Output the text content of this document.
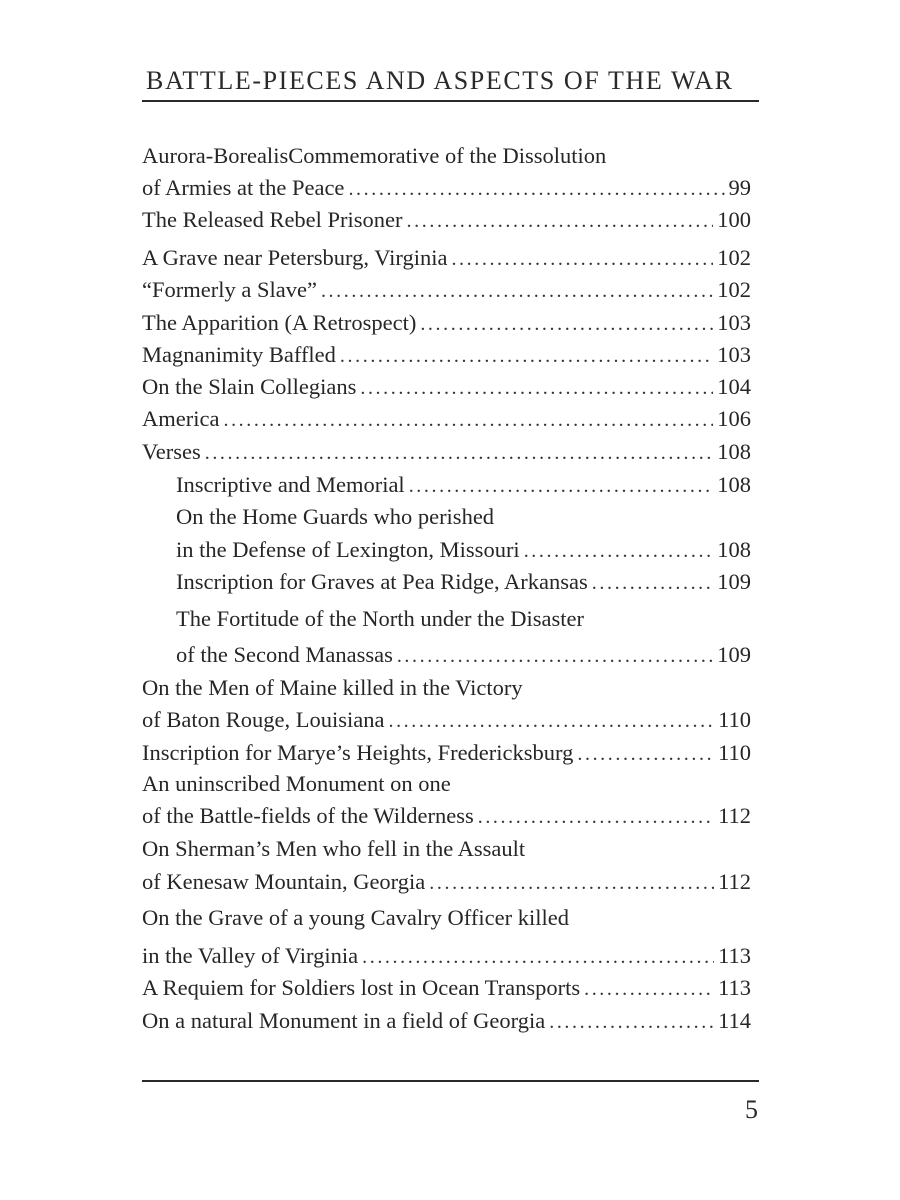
BATTLE-PIECES AND ASPECTS OF THE WAR
Aurora-BorealisCommemorative of the Dissolution
of Armies at the Peace . . .	99
The Released Rebel Prisoner . . .	100
A Grave near Petersburg, Virginia . . .	102
“Formerly a Slave” . . .	102
The Apparition (A Retrospect) . . .	103
Magnanimity Baffled . . .	103
On the Slain Collegians . . .	104
America . . .	106
Verses . . .	108
Inscriptive and Memorial . . .	108
On the Home Guards who perished
in the Defense of Lexington, Missouri . . .	108
Inscription for Graves at Pea Ridge, Arkansas . . .	109
The Fortitude of the North under the Disaster
of the Second Manassas . . .	109
On the Men of Maine killed in the Victory
of Baton Rouge, Louisiana . . .	110
Inscription for Marye’s Heights, Fredericksburg . . .	110
An uninscribed Monument on one
of the Battle-fields of the Wilderness . . .	112
On Sherman’s Men who fell in the Assault
of Kenesaw Mountain, Georgia . . .	112
On the Grave of a young Cavalry Officer killed
in the Valley of Virginia . . .	113
A Requiem for Soldiers lost in Ocean Transports . . .	113
On a natural Monument in a field of Georgia . . .	114
5
